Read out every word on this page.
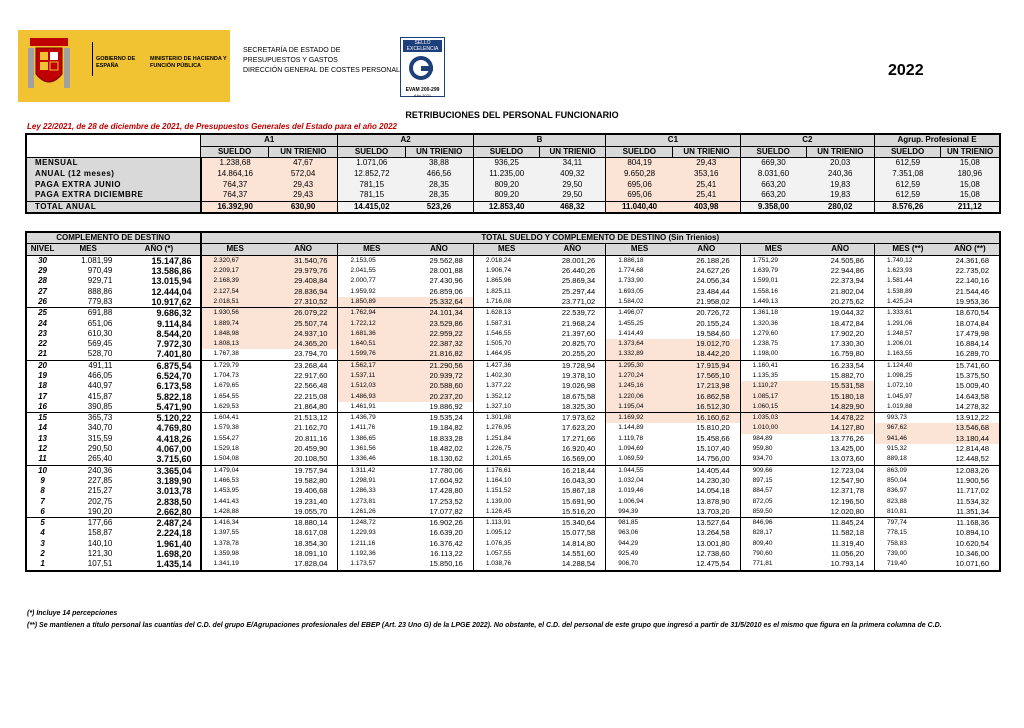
GOBIERNO DE ESPAÑA
MINISTERIO DE HACIENDA Y FUNCIÓN PÚBLICA
SECRETARÍA DE ESTADO DE
PRESUPUESTOS Y GASTOS
DIRECCIÓN GENERAL DE COSTES PERSONAL
SELLO EXCELENCIA
EVAM 200-299
Año 2021
2022
RETRIBUCIONES DEL PERSONAL FUNCIONARIO
Ley 22/2021, de 28 de diciembre de 2021, de Presupuestos Generales del Estado para el año 2022
	A1		A2		B		C1		C2		Agrup. Profesional E	
	SUELDO	UN TRIENIO	SUELDO	UN TRIENIO	SUELDO	UN TRIENIO	SUELDO	UN TRIENIO	SUELDO	UN TRIENIO	SUELDO	UN TRIENIO
MENSUAL	1.238,68	47,67	1.071,06	38,88	936,25	34,11	804,19	29,43	669,30	20,03	612,59	15,08
ANUAL (12 meses)	14.864,16	572,04	12.852,72	466,56	11.235,00	409,32	9.650,28	353,16	8.031,60	240,36	7.351,08	180,96
PAGA EXTRA JUNIO	764,37	29,43	781,15	28,35	809,20	29,50	695,06	25,41	663,20	19,83	612,59	15,08
PAGA EXTRA DICIEMBRE	764,37	29,43	781,15	28,35	809,20	29,50	695,06	25,41	663,20	19,83	612,59	15,08
TOTAL ANUAL	16.392,90	630,90	14.415,02	523,26	12.853,40	468,32	11.040,40	403,98	9.358,00	280,02	8.576,26	211,12
COMPLEMENTO DE DESTINO			TOTAL SUELDO Y COMPLEMENTO DE DESTINO (Sin Trienios)											
NIVEL	MES	AÑO (*)	MES	AÑO	MES	AÑO	MES	AÑO	MES	AÑO	MES	AÑO	MES (**)	AÑO (**)
30	1.081,99	15.147,86	2.320,67	31.540,76	2.153,05	29.562,88	2.018,24	28.001,26	1.886,18	26.188,26	1.751,29	24.505,86	1.740,12	24.361,68
29	970,49	13.586,86	2.209,17	29.979,76	2.041,55	28.001,88	1.906,74	26.440,26	1.774,68	24.627,26	1.639,79	22.944,86	1.623,93	22.735,02
28	929,71	13.015,94	2.168,39	29.408,84	2.000,77	27.430,96	1.865,96	25.869,34	1.733,90	24.056,34	1.599,01	22.373,94	1.581,44	22.140,16
27	888,86	12.444,04	2.127,54	28.836,94	1.959,92	26.859,06	1.825,11	25.297,44	1.693,05	23.484,44	1.558,16	21.802,04	1.538,89	21.544,46
26	779,83	10.917,62	2.018,51	27.310,52	1.850,89	25.332,64	1.716,08	23.771,02	1.584,02	21.958,02	1.449,13	20.275,62	1.425,24	19.953,36
25	691,88	9.686,32	1.930,56	26.079,22	1.762,94	24.101,34	1.628,13	22.539,72	1.496,07	20.726,72	1.361,18	19.044,32	1.333,61	18.670,54
24	651,06	9.114,84	1.889,74	25.507,74	1.722,12	23.529,86	1.587,31	21.968,24	1.455,25	20.155,24	1.320,36	18.472,84	1.291,06	18.074,84
23	610,30	8.544,20	1.848,98	24.937,10	1.681,36	22.959,22	1.546,55	21.397,60	1.414,49	19.584,60	1.279,60	17.902,20	1.248,57	17.479,98
22	569,45	7.972,30	1.808,13	24.365,20	1.640,51	22.387,32	1.505,70	20.825,70	1.373,64	19.012,70	1.238,75	17.330,30	1.206,01	16.884,14
21	528,70	7.401,80	1.767,38	23.794,70	1.599,76	21.816,82	1.464,95	20.255,20	1.332,89	18.442,20	1.198,00	16.759,80	1.163,55	16.289,70
20	491,11	6.875,54	1.729,79	23.268,44	1.562,17	21.290,56	1.427,36	19.728,94	1.295,30	17.915,94	1.160,41	16.233,54	1.124,40	15.741,60
19	466,05	6.524,70	1.704,73	22.917,60	1.537,11	20.939,72	1.402,30	19.378,10	1.270,24	17.565,10	1.135,35	15.882,70	1.098,25	15.375,50
18	440,97	6.173,58	1.679,65	22.566,48	1.512,03	20.588,60	1.377,22	19.026,98	1.245,16	17.213,98	1.110,27	15.531,58	1.072,10	15.009,40
17	415,87	5.822,18	1.654,55	22.215,08	1.486,93	20.237,20	1.352,12	18.675,58	1.220,06	16.862,58	1.085,17	15.180,18	1.045,97	14.643,58
16	390,85	5.471,90	1.629,53	21.864,80	1.461,91	19.886,92	1.327,10	18.325,30	1.195,04	16.512,30	1.060,15	14.829,90	1.019,88	14.278,32
15	365,73	5.120,22	1.604,41	21.513,12	1.436,79	19.535,24	1.301,98	17.973,62	1.169,92	16.160,62	1.035,03	14.478,22	993,73	13.912,22
14	340,70	4.769,80	1.579,38	21.162,70	1.411,76	19.184,82	1.276,95	17.623,20	1.144,89	15.810,20	1.010,00	14.127,80	967,62	13.546,68
13	315,59	4.418,26	1.554,27	20.811,16	1.386,65	18.833,28	1.251,84	17.271,66	1.119,78	15.458,66	984,89	13.776,26	941,46	13.180,44
12	290,50	4.067,00	1.529,18	20.459,90	1.361,56	18.482,02	1.226,75	16.920,40	1.094,69	15.107,40	959,80	13.425,00	915,32	12.814,48
11	265,40	3.715,60	1.504,08	20.108,50	1.336,46	18.130,62	1.201,65	16.569,00	1.069,59	14.756,00	934,70	13.073,60	889,18	12.448,52
10	240,36	3.365,04	1.479,04	19.757,94	1.311,42	17.780,06	1.176,61	16.218,44	1.044,55	14.405,44	909,66	12.723,04	863,09	12.083,26
9	227,85	3.189,90	1.466,53	19.582,80	1.298,91	17.604,92	1.164,10	16.043,30	1.032,04	14.230,30	897,15	12.547,90	850,04	11.900,56
8	215,27	3.013,78	1.453,95	19.406,68	1.286,33	17.428,80	1.151,52	15.867,18	1.019,46	14.054,18	884,57	12.371,78	836,97	11.717,02
7	202,75	2.838,50	1.441,43	19.231,40	1.273,81	17.253,52	1.139,00	15.691,90	1.006,94	13.878,90	872,05	12.196,50	823,88	11.534,32
6	190,20	2.662,80	1.428,88	19.055,70	1.261,26	17.077,82	1.126,45	15.516,20	994,39	13.703,20	859,50	12.020,80	810,81	11.351,34
5	177,66	2.487,24	1.416,34	18.880,14	1.248,72	16.902,26	1.113,91	15.340,64	981,85	13.527,64	846,96	11.845,24	797,74	11.168,36
4	158,87	2.224,18	1.397,55	18.617,08	1.229,93	16.639,20	1.095,12	15.077,58	963,06	13.264,58	828,17	11.582,18	778,15	10.894,10
3	140,10	1.961,40	1.378,78	18.354,30	1.211,16	16.376,42	1.076,35	14.814,80	944,29	13.001,80	809,40	11.319,40	758,83	10.620,54
2	121,30	1.698,20	1.359,98	18.091,10	1.192,36	16.113,22	1.057,55	14.551,60	925,49	12.738,60	790,60	11.056,20	739,00	10.346,00
1	107,51	1.435,14	1.341,19	17.828,04	1.173,57	15.850,16	1.038,76	14.288,54	906,70	12.475,54	771,81	10.793,14	719,40	10.071,60
(*) Incluye 14 percepciones
(**) Se mantienen a título personal las cuantías del C.D. del grupo E/Agrupaciones profesionales del EBEP (Art. 23 Uno G) de la LPGE 2022). No obstante, el C.D. del personal de este grupo que ingresó a partir de 31/5/2010 es el mismo que figura en la primera columna de C.D.
